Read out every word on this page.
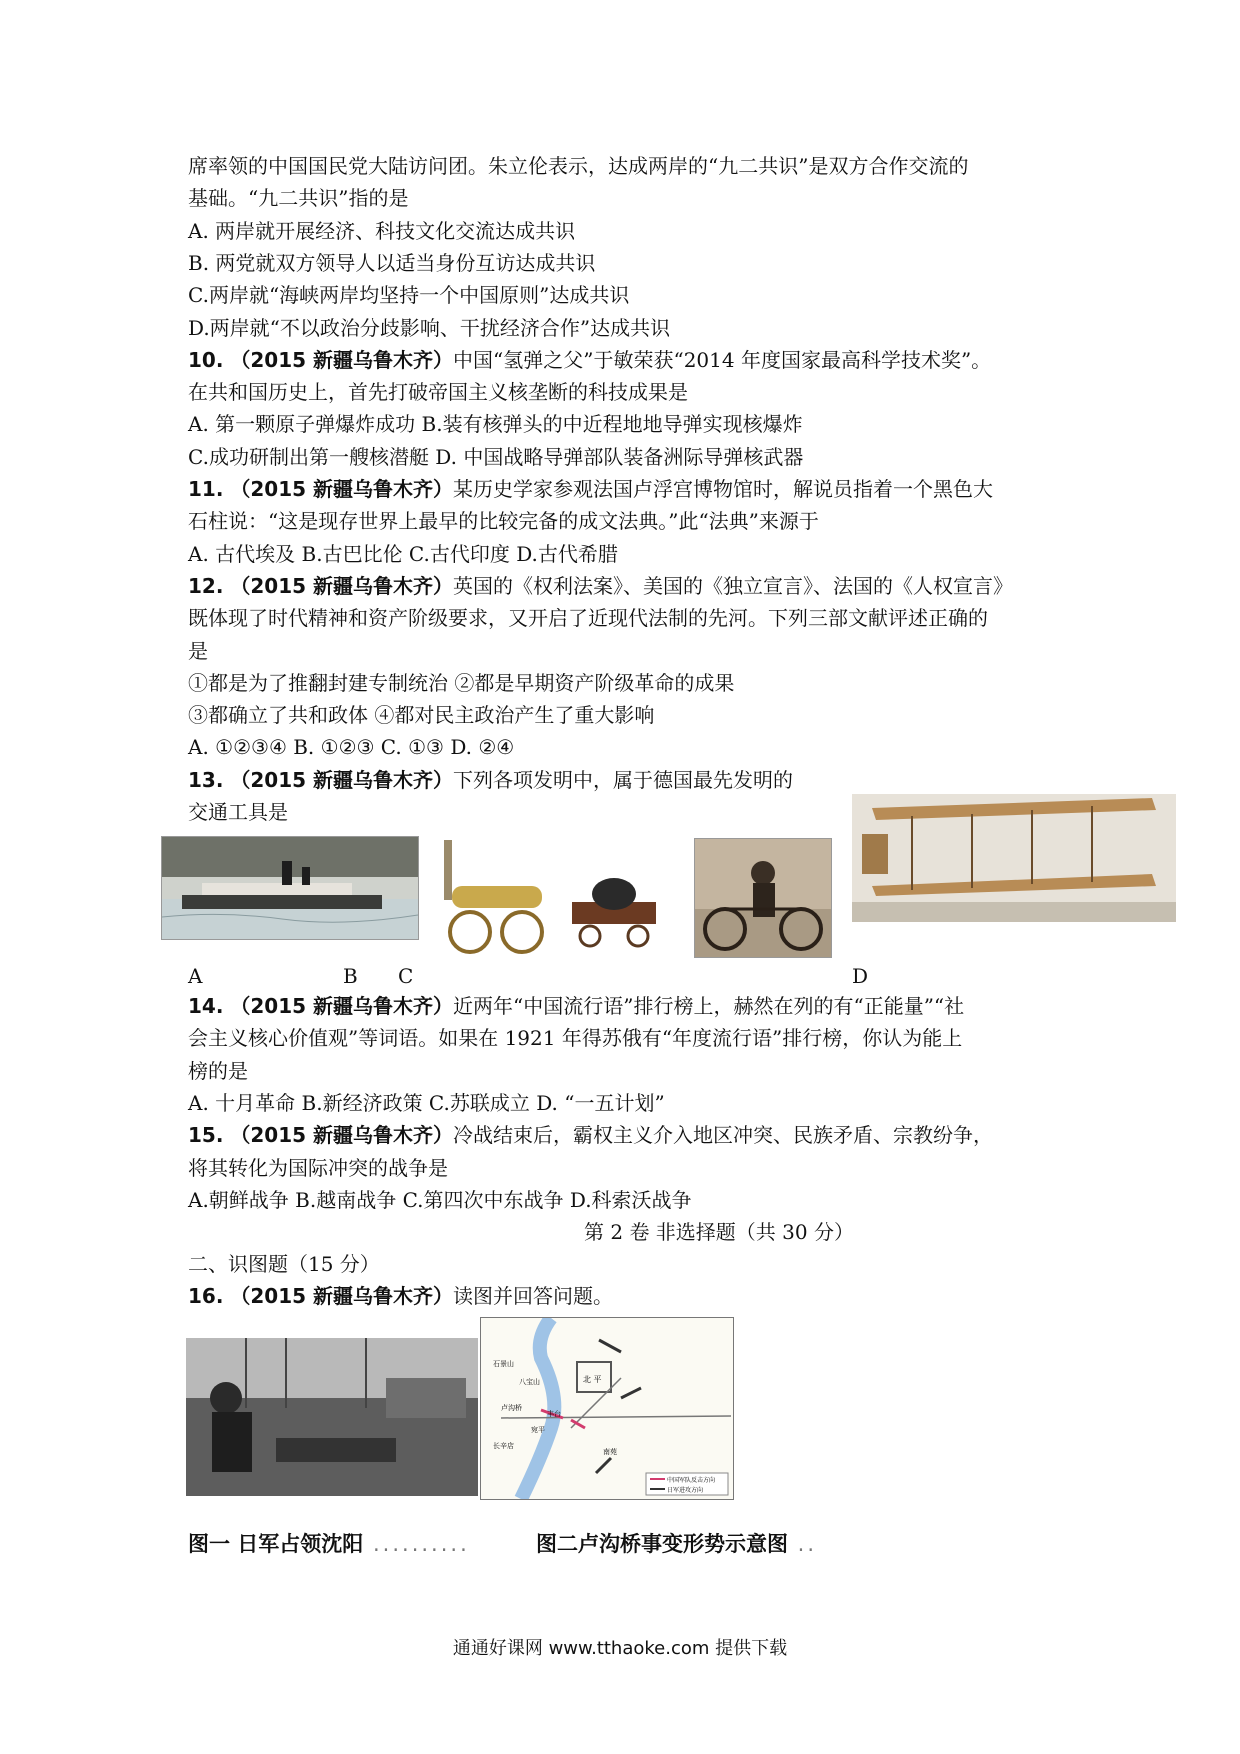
席率领的中国国民党大陆访问团。朱立伦表示，达成两岸的“九二共识”是双方合作交流的
基础。“九二共识”指的是
A. 两岸就开展经济、科技文化交流达成共识
B. 两党就双方领导人以适当身份互访达成共识
C.两岸就“海峡两岸均坚持一个中国原则”达成共识
D.两岸就“不以政治分歧影响、干扰经济合作”达成共识
10. （2015 新疆乌鲁木齐）中国“氢弹之父”于敏荣获“2014 年度国家最高科学技术奖”。
在共和国历史上，首先打破帝国主义核垄断的科技成果是
A. 第一颗原子弹爆炸成功 B.装有核弹头的中近程地地导弹实现核爆炸
C.成功研制出第一艘核潜艇 D. 中国战略导弹部队装备洲际导弹核武器
11. （2015 新疆乌鲁木齐）某历史学家参观法国卢浮宫博物馆时，解说员指着一个黑色大
石柱说：“这是现存世界上最早的比较完备的成文法典。”此“法典”来源于
A. 古代埃及 B.古巴比伦 C.古代印度 D.古代希腊
12. （2015 新疆乌鲁木齐）英国的《权利法案》、美国的《独立宣言》、法国的《人权宣言》
既体现了时代精神和资产阶级要求，又开启了近现代法制的先河。下列三部文献评述正确的
是
①都是为了推翻封建专制统治 ②都是早期资产阶级革命的成果
③都确立了共和政体 ④都对民主政治产生了重大影响
A. ①②③④ B. ①②③ C. ①③ D. ②④
13. （2015 新疆乌鲁木齐）下列各项发明中，属于德国最先发明的
交通工具是
A	B C	D
14. （2015 新疆乌鲁木齐）近两年“中国流行语”排行榜上，赫然在列的有“正能量”“社
会主义核心价值观”等词语。如果在 1921 年得苏俄有“年度流行语”排行榜，你认为能上
榜的是
A. 十月革命 B.新经济政策 C.苏联成立 D. “一五计划”
15. （2015 新疆乌鲁木齐）冷战结束后，霸权主义介入地区冲突、民族矛盾、宗教纷争，
将其转化为国际冲突的战争是
A.朝鲜战争 B.越南战争 C.第四次中东战争 D.科索沃战争
第 2 卷 非选择题（共 30 分）
二、识图题（15 分）
16. （2015 新疆乌鲁木齐）读图并回答问题。
石景山
八宝山	北 平
卢沟桥
丰台
宛平
长辛店
南苑
中国军队反击方向
日军进攻方向
图一 日军占领沈阳 ..........	图二卢沟桥事变形势示意图 ..
通通好课网 www.tthaoke.com 提供下载
